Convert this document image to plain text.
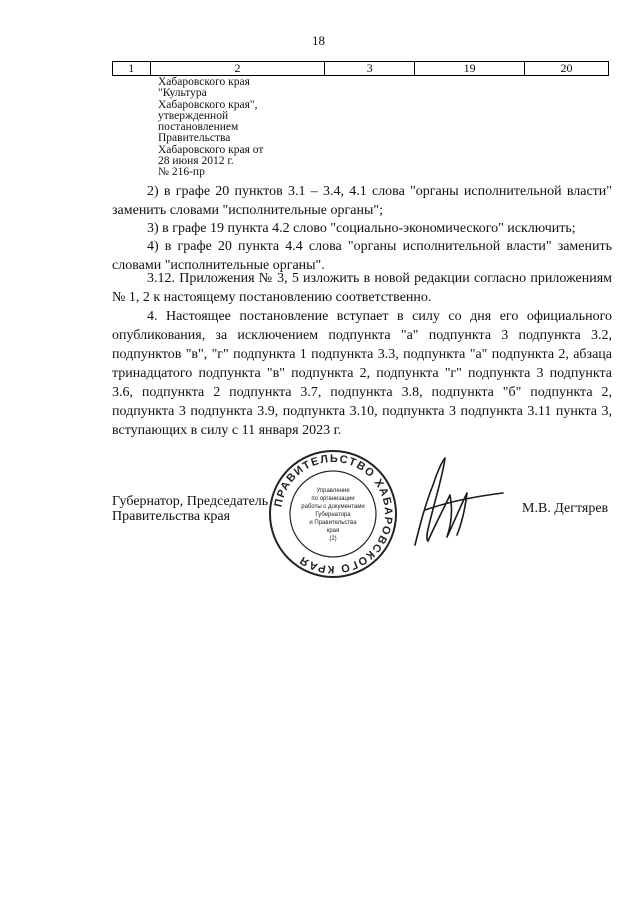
18
1	2	3	19	20
Хабаровского края
"Культура
Хабаровского края",
утвержденной
постановлением
Правительства
Хабаровского края от
28 июня 2012 г.
№ 216-пр
2) в графе 20 пунктов 3.1 – 3.4, 4.1 слова "органы исполнительной власти" заменить словами "исполнительные органы";
3) в графе 19 пункта 4.2 слово "социально-экономического" исключить;
4) в графе 20 пункта 4.4 слова "органы исполнительной власти" заменить словами "исполнительные органы".
3.12. Приложения № 3, 5 изложить в новой редакции согласно приложениям № 1, 2 к настоящему постановлению соответственно.
4. Настоящее постановление вступает в силу со дня его официального опубликования, за исключением подпункта "а" подпункта 3 подпункта 3.2, подпунктов "в", "г" подпункта 1 подпункта 3.3, подпункта "а" подпункта 2, абзаца тринадцатого подпункта "в" подпункта 2, подпункта "г" подпункта 3 подпункта 3.6, подпункта 2 подпункта 3.7, подпункта 3.8, подпункта "б" подпункта 2, подпункта 3 подпункта 3.9, подпункта 3.10, подпункта 3 подпункта 3.11 пункта 3, вступающих в силу с 11 января 2023 г.
Губернатор, Председатель
Правительства края
ПРАВИТЕЛЬСТВО ХАБАРОВСКОГО КРАЯ
Управление
по организации
работы с документами
Губернатора
и Правительства
края
(2)
М.В. Дегтярев
